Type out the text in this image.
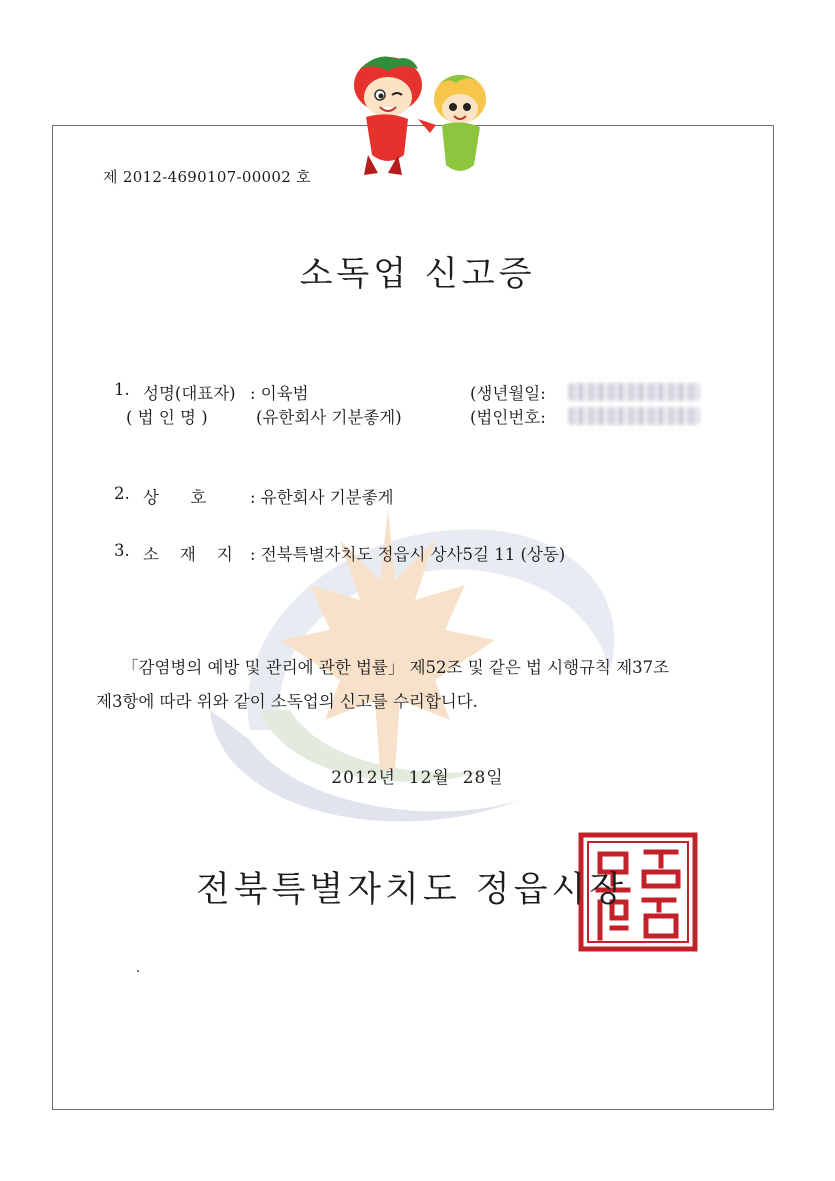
제 2012-4690107-00002 호
소독업 신고증
1. 성명(대표자) : 이육범	(생년월일:
( 법 인 명 )	(유한회사 기분좋게)	(법인번호:
2. 상      호	: 유한회사 기분좋게
3. 소    재    지 : 전북특별자치도 정읍시 상사5길 11 (상동)
「감염병의 예방 및 관리에 관한 법률」 제52조 및 같은 법 시행규칙 제37조
제3항에 따라 위와 같이 소독업의 신고를 수리합니다.
2012년  12월  28일
전북특별자치도 정읍시장
